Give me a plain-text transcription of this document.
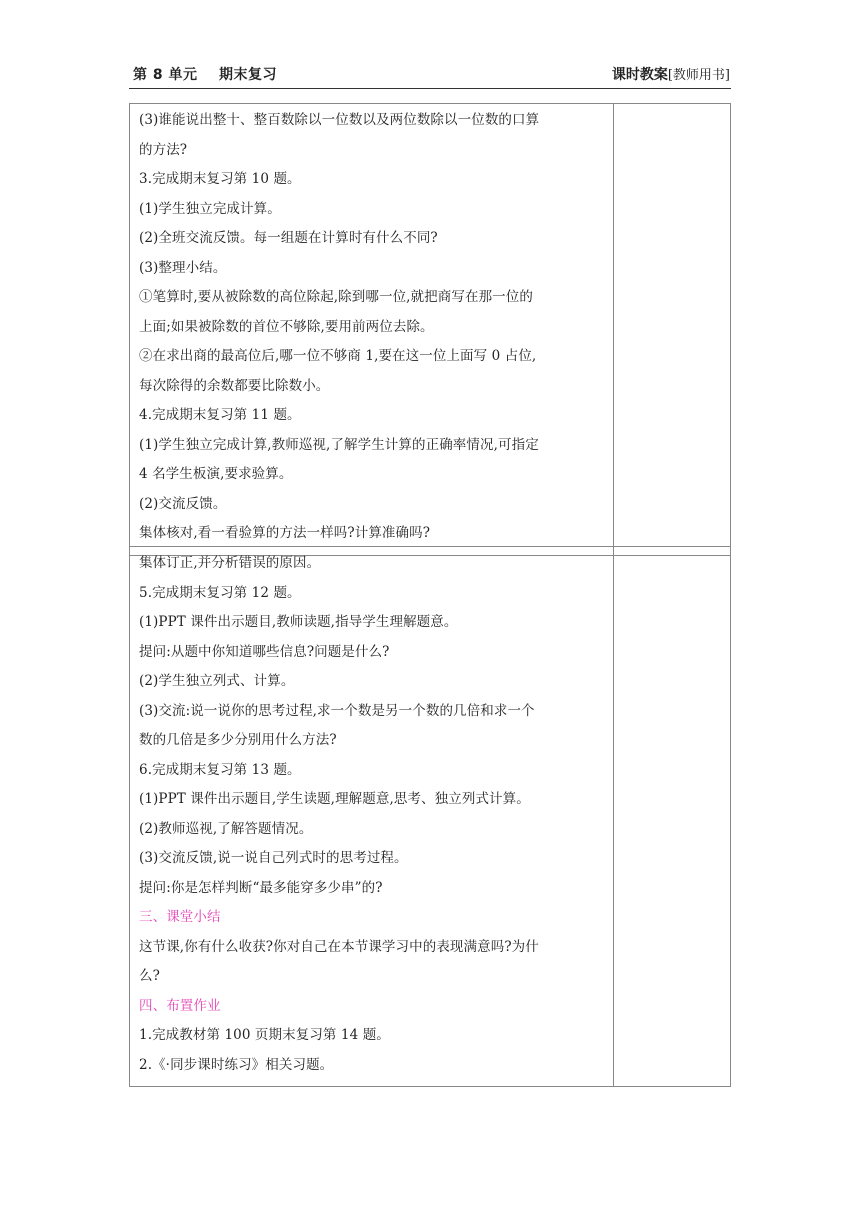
第 8 单元 期末复习	课时教案[教师用书]
(3)谁能说出整十、整百数除以一位数以及两位数除以一位数的口算
的方法?
3.完成期末复习第 10 题。
(1)学生独立完成计算。
(2)全班交流反馈。每一组题在计算时有什么不同?
(3)整理小结。
①笔算时,要从被除数的高位除起,除到哪一位,就把商写在那一位的
上面;如果被除数的首位不够除,要用前两位去除。
②在求出商的最高位后,哪一位不够商 1,要在这一位上面写 0 占位,
每次除得的余数都要比除数小。
4.完成期末复习第 11 题。
(1)学生独立完成计算,教师巡视,了解学生计算的正确率情况,可指定
4 名学生板演,要求验算。
(2)交流反馈。
集体核对,看一看验算的方法一样吗?计算准确吗?

集体订正,并分析错误的原因。
5.完成期末复习第 12 题。
(1)PPT 课件出示题目,教师读题,指导学生理解题意。
提问:从题中你知道哪些信息?问题是什么?
(2)学生独立列式、计算。
(3)交流:说一说你的思考过程,求一个数是另一个数的几倍和求一个
数的几倍是多少分别用什么方法?
6.完成期末复习第 13 题。
(1)PPT 课件出示题目,学生读题,理解题意,思考、独立列式计算。
(2)教师巡视,了解答题情况。
(3)交流反馈,说一说自己列式时的思考过程。
提问:你是怎样判断“最多能穿多少串”的?
三、课堂小结
这节课,你有什么收获?你对自己在本节课学习中的表现满意吗?为什
么?
四、布置作业
1.完成教材第 100 页期末复习第 14 题。
2.《·同步课时练习》相关习题。
